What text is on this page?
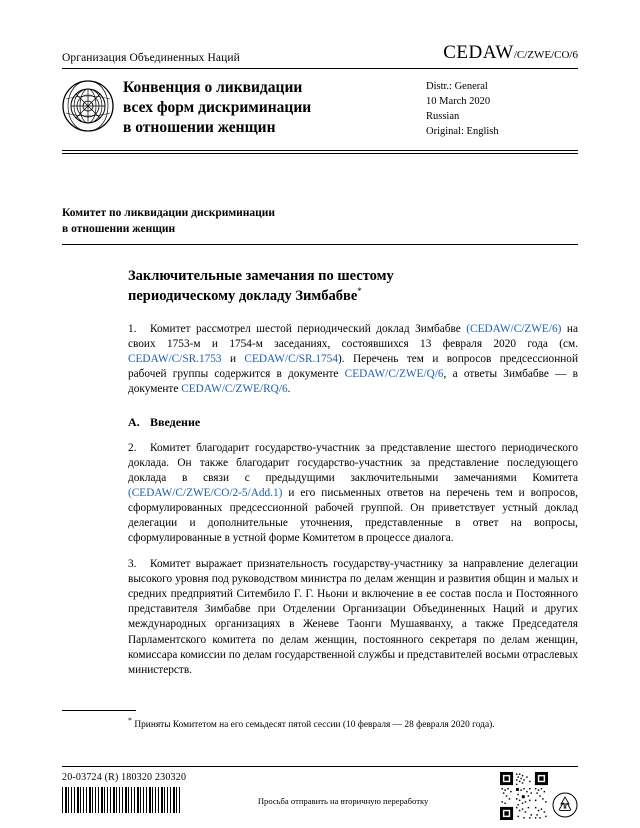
Организация Объединенных Наций	CEDAW/C/ZWE/CO/6
Конвенция о ликвидации
всех форм дискриминации
в отношении женщин
Distr.: General
10 March 2020
Russian
Original: English
Комитет по ликвидации дискриминации
в отношении женщин
Заключительные замечания по шестому
периодическому докладу Зимбабве*

1. Комитет рассмотрел шестой периодический доклад Зимбабве (CEDAW/C/ZWE/6) на своих 1753-м и 1754-м заседаниях, состоявшихся 13 февраля 2020 года (см. CEDAW/C/SR.1753 и CEDAW/C/SR.1754). Перечень тем и вопросов предсессионной рабочей группы содержится в документе CEDAW/C/ZWE/Q/6, а ответы Зимбабве — в документе CEDAW/C/ZWE/RQ/6.

A. Введение

2. Комитет благодарит государство-участник за представление шестого периодического доклада. Он также благодарит государство-участник за представление последующего доклада в связи с предыдущими заключительными замечаниями Комитета (CEDAW/C/ZWE/CO/2-5/Add.1) и его письменных ответов на перечень тем и вопросов, сформулированных предсессионной рабочей группой. Он приветствует устный доклад делегации и дополнительные уточнения, представленные в ответ на вопросы, сформулированные в устной форме Комитетом в процессе диалога.

3. Комитет выражает признательность государству-участнику за направление делегации высокого уровня под руководством министра по делам женщин и развития общин и малых и средних предприятий Ситембило Г. Г. Ньони и включение в ее состав посла и Постоянного представителя Зимбабве при Отделении Организации Объединенных Наций и других международных организациях в Женеве Таонги Мушаяванху, а также Председателя Парламентского комитета по делам женщин, постоянного секретаря по делам женщин, комиссара комиссии по делам государственной службы и представителей восьми отраслевых министерств.

* Приняты Комитетом на его семьдесят пятой сессии (10 февраля — 28 февраля 2020 года).
20-03724 (R) 180320 230320
Просьба отправить на вторичную переработку
